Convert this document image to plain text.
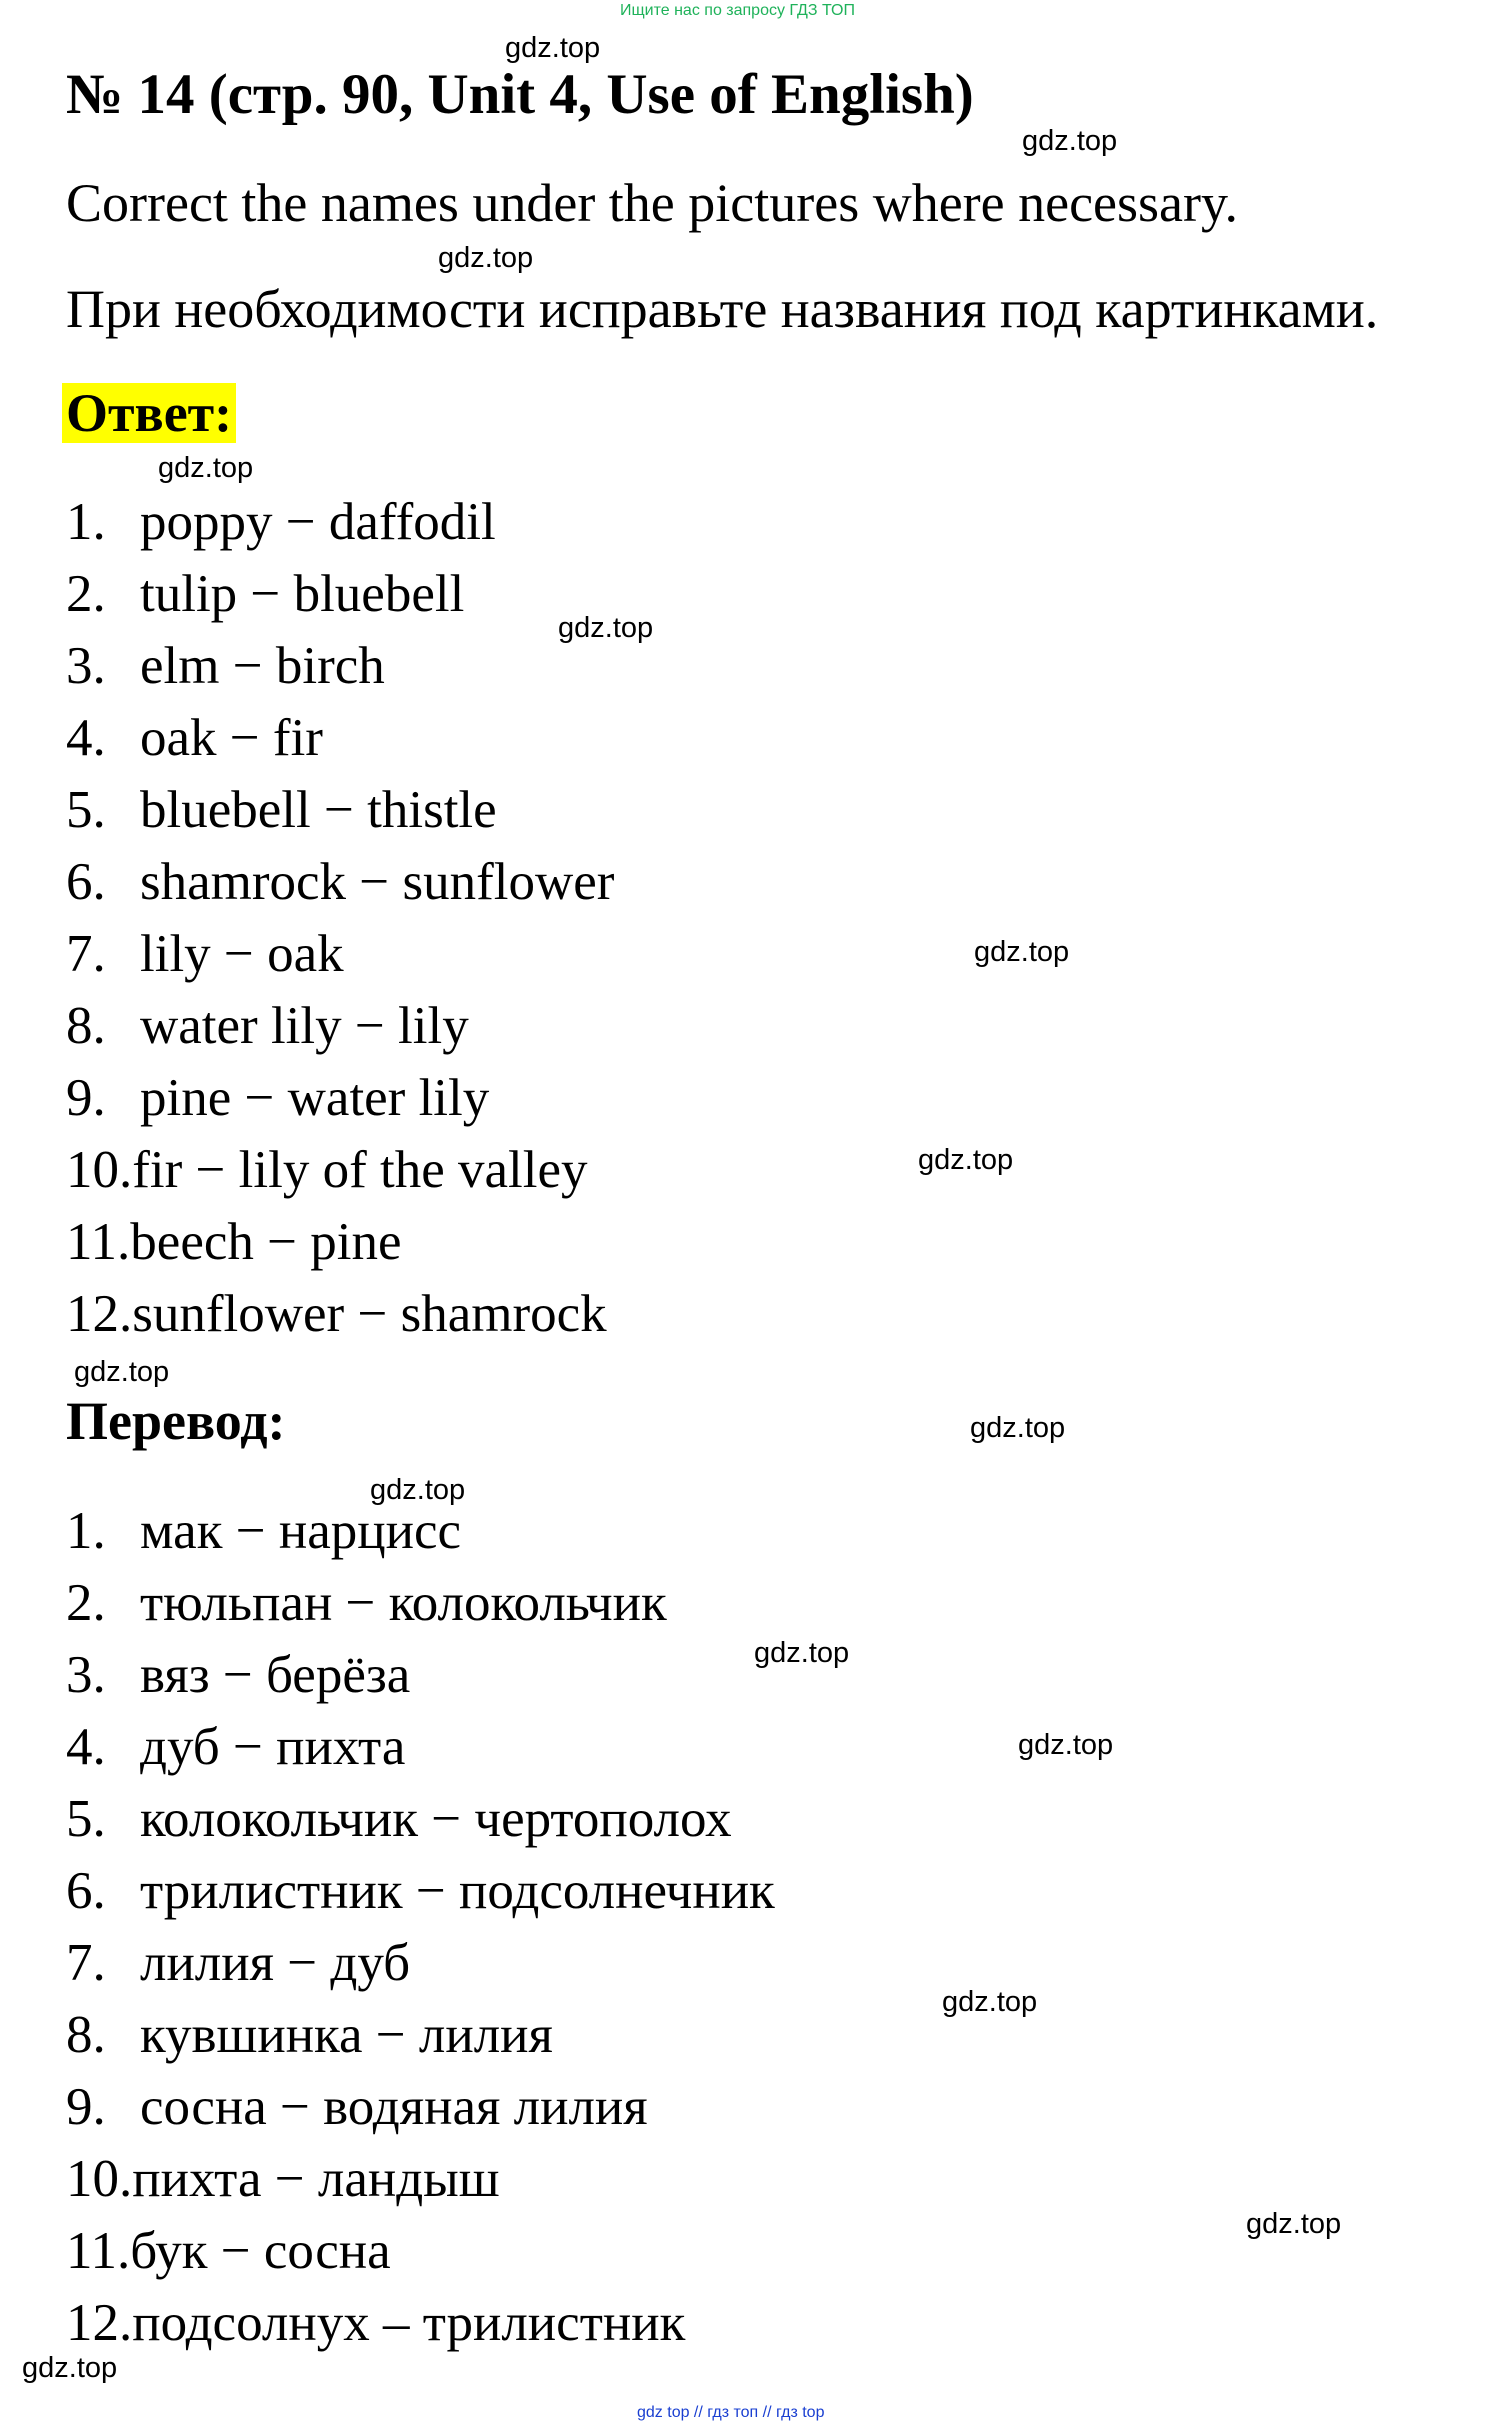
Ищите нас по запросу ГДЗ ТОП
№ 14 (стр. 90, Unit 4, Use of English)
Correct the names under the pictures where necessary.
При необходимости исправьте названия под картинками.
Ответ:
1. poppy − daffodil
2. tulip − bluebell
3. elm − birch
4. oak − fir
5. bluebell − thistle
6. shamrock − sunflower
7. lily − oak
8. water lily − lily
9. pine − water lily
10.fir − lily of the valley
11.beech − pine
12.sunflower − shamrock
Перевод:
1. мак − нарцисс
2. тюльпан − колокольчик
3. вяз − берёза
4. дуб − пихта
5. колокольчик − чертополох
6. трилистник − подсолнечник
7. лилия − дуб
8. кувшинка − лилия
9. сосна − водяная лилия
10.пихта − ландыш
11.бук − сосна
12.подсолнух – трилистник
gdz.top
gdz.top
gdz.top
gdz.top
gdz.top
gdz.top
gdz.top
gdz.top
gdz.top
gdz.top
gdz.top
gdz.top
gdz.top
gdz.top
gdz.top
gdz top // гдз топ // гдз top
